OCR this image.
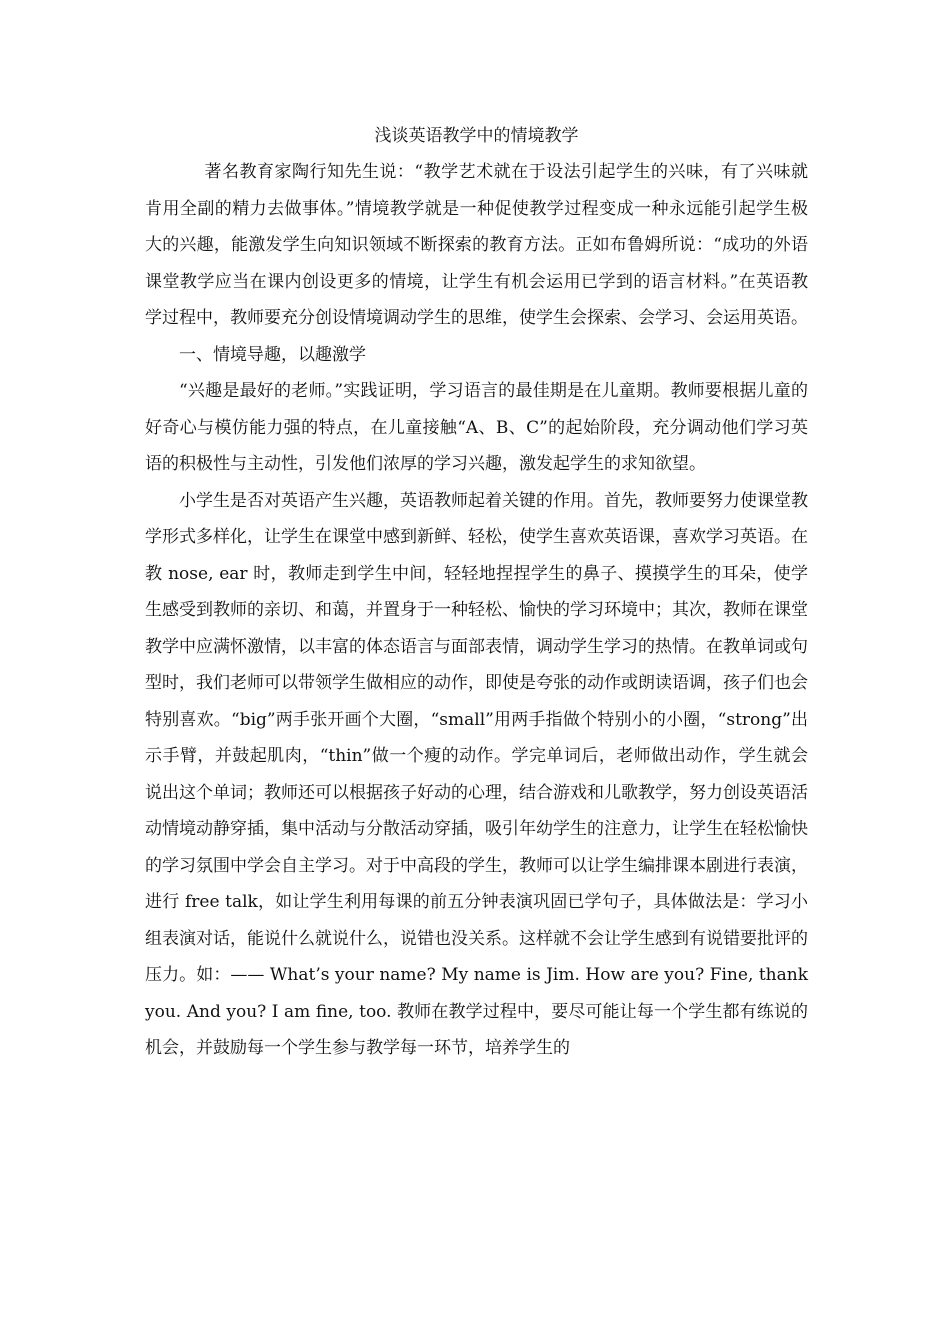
浅谈英语教学中的情境教学

著名教育家陶行知先生说：“教学艺术就在于设法引起学生的兴味，有了兴味就肯用全副的精力去做事体。”情境教学就是一种促使教学过程变成一种永远能引起学生极大的兴趣，能激发学生向知识领域不断探索的教育方法。正如布鲁姆所说：“成功的外语课堂教学应当在课内创设更多的情境，让学生有机会运用已学到的语言材料。”在英语教学过程中，教师要充分创设情境调动学生的思维，使学生会探索、会学习、会运用英语。

一、情境导趣，以趣激学

“兴趣是最好的老师。”实践证明，学习语言的最佳期是在儿童期。教师要根据儿童的好奇心与模仿能力强的特点，在儿童接触“A、B、C”的起始阶段，充分调动他们学习英语的积极性与主动性，引发他们浓厚的学习兴趣，激发起学生的求知欲望。

小学生是否对英语产生兴趣，英语教师起着关键的作用。首先，教师要努力使课堂教学形式多样化，让学生在课堂中感到新鲜、轻松，使学生喜欢英语课，喜欢学习英语。在教 nose, ear 时，教师走到学生中间，轻轻地捏捏学生的鼻子、摸摸学生的耳朵，使学生感受到教师的亲切、和蔼，并置身于一种轻松、愉快的学习环境中；其次，教师在课堂教学中应满怀激情，以丰富的体态语言与面部表情，调动学生学习的热情。在教单词或句型时，我们老师可以带领学生做相应的动作，即使是夸张的动作或朗读语调，孩子们也会特别喜欢。“big”两手张开画个大圈，“small”用两手指做个特别小的小圈，“strong”出示手臂，并鼓起肌肉，“thin”做一个瘦的动作。学完单词后，老师做出动作，学生就会说出这个单词；教师还可以根据孩子好动的心理，结合游戏和儿歌教学，努力创设英语活动情境动静穿插，集中活动与分散活动穿插，吸引年幼学生的注意力，让学生在轻松愉快的学习氛围中学会自主学习。对于中高段的学生，教师可以让学生编排课本剧进行表演，进行 free talk，如让学生利用每课的前五分钟表演巩固已学句子，具体做法是：学习小组表演对话，能说什么就说什么，说错也没关系。这样就不会让学生感到有说错要批评的压力。如：—— What’s your name? My name is Jim. How are you? Fine, thank you. And you? I am fine, too. 教师在教学过程中，要尽可能让每一个学生都有练说的机会，并鼓励每一个学生参与教学每一环节，培养学生的
